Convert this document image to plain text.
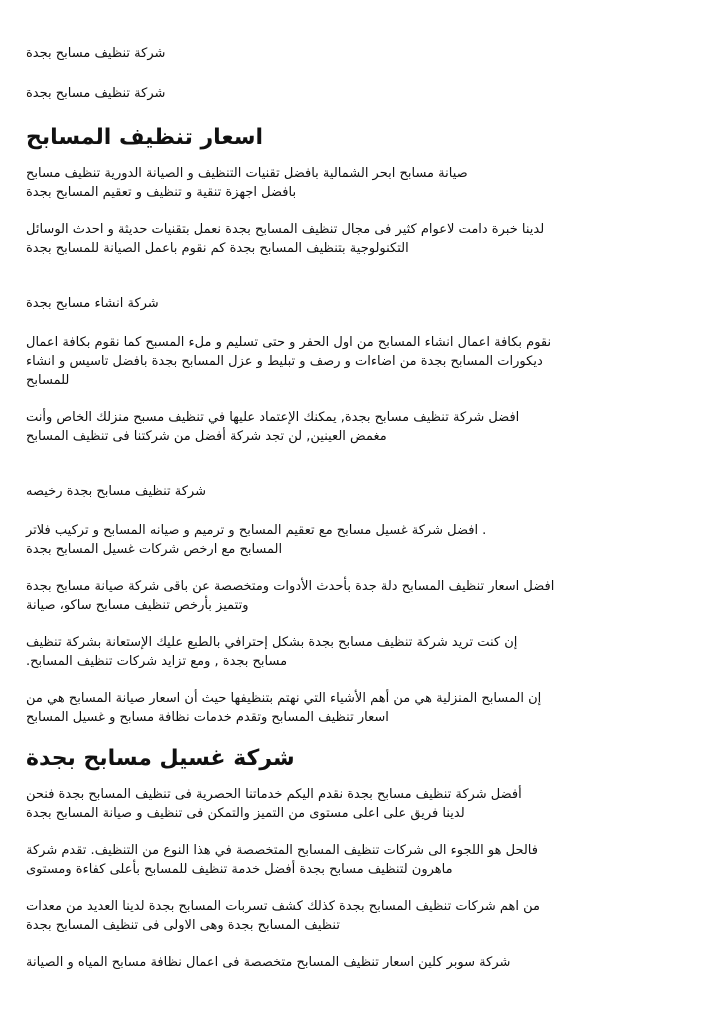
شركة تنظيف مسابح بجدة
شركة تنظيف مسابح بجدة
اسعار تنظيف المسابح

صيانة مسابح ابحر الشمالية بافضل تقنيات التنظيف و الصيانة الدورية تنظيف مسابح
بافضل اجهزة تنقية و تنظيف و تعقيم المسابح بجدة

لدينا خبرة دامت لاعوام كثير فى مجال تنظيف المسابح بجدة نعمل بتقنيات حديثة و احدث الوسائل
التكنولوجية بتنظيف المسابح بجدة كم نقوم باعمل الصيانة للمسابح بجدة

شركة انشاء مسابح بجدة

نقوم بكافة اعمال انشاء المسابح من اول الحفر و حتى تسليم و ملء المسبح كما نقوم بكافة اعمال
ديكورات المسابح بجدة من اضاءات و رصف و تبليط و عزل المسابح بجدة بافضل تاسيس و انشاء
للمسابح

افضل شركة تنظيف مسابح بجدة, يمكنك الإعتماد عليها في تنظيف مسبح منزلك الخاص وأنت
مغمض العينين, لن تجد شركة أفضل من شركتنا فى تنظيف المسابح

شركة تنظيف مسابح بجدة رخيصه

. افضل شركة غسيل مسابح مع تعقيم المسابح و ترميم و صيانه المسابح و تركيب فلاتر
المسابح مع ارخص شركات غسيل المسابح بجدة

افضل اسعار تنظيف المسابح دلة جدة بأحدث الأدوات ومتخصصة عن باقى شركة صيانة مسابح بجدة
وتتميز بأرخص تنظيف مسابح ساكو، صيانة

إن كنت تريد شركة تنظيف مسابح بجدة بشكل إحترافي بالطبع عليك الإستعانة بشركة تنظيف
مسابح بجدة , ومع تزايد شركات تنظيف المسابح.

إن المسابح المنزلية هي من أهم الأشياء التي نهتم بتنظيفها حيث أن اسعار صيانة المسابح هي من
اسعار تنظيف المسابح وتقدم خدمات نظافة مسابح و غسيل المسابح

شركة غسيل مسابح بجدة

أفضل شركة تنظيف مسابح بجدة نقدم اليكم خدماتنا الحصرية فى تنظيف المسابح بجدة فنحن
لدينا فريق على اعلى مستوى من التميز والتمكن فى تنظيف و صيانة المسابح بجدة

فالحل هو اللجوء الى شركات تنظيف المسابح المتخصصة في هذا النوع من التنظيف. تقدم شركة
ماهرون لتنظيف مسابح بجدة أفضل خدمة تنظيف للمسابح بأعلى كفاءة ومستوى

من اهم شركات تنظيف المسابح بجدة كذلك كشف تسربات المسابح بجدة لدينا العديد من معدات
تنظيف المسابح بجدة وهى الاولى فى تنظيف المسابح بجدة

شركة سوبر كلين اسعار تنظيف المسابح متخصصة فى اعمال نظافة مسابح المياه و الصيانة
